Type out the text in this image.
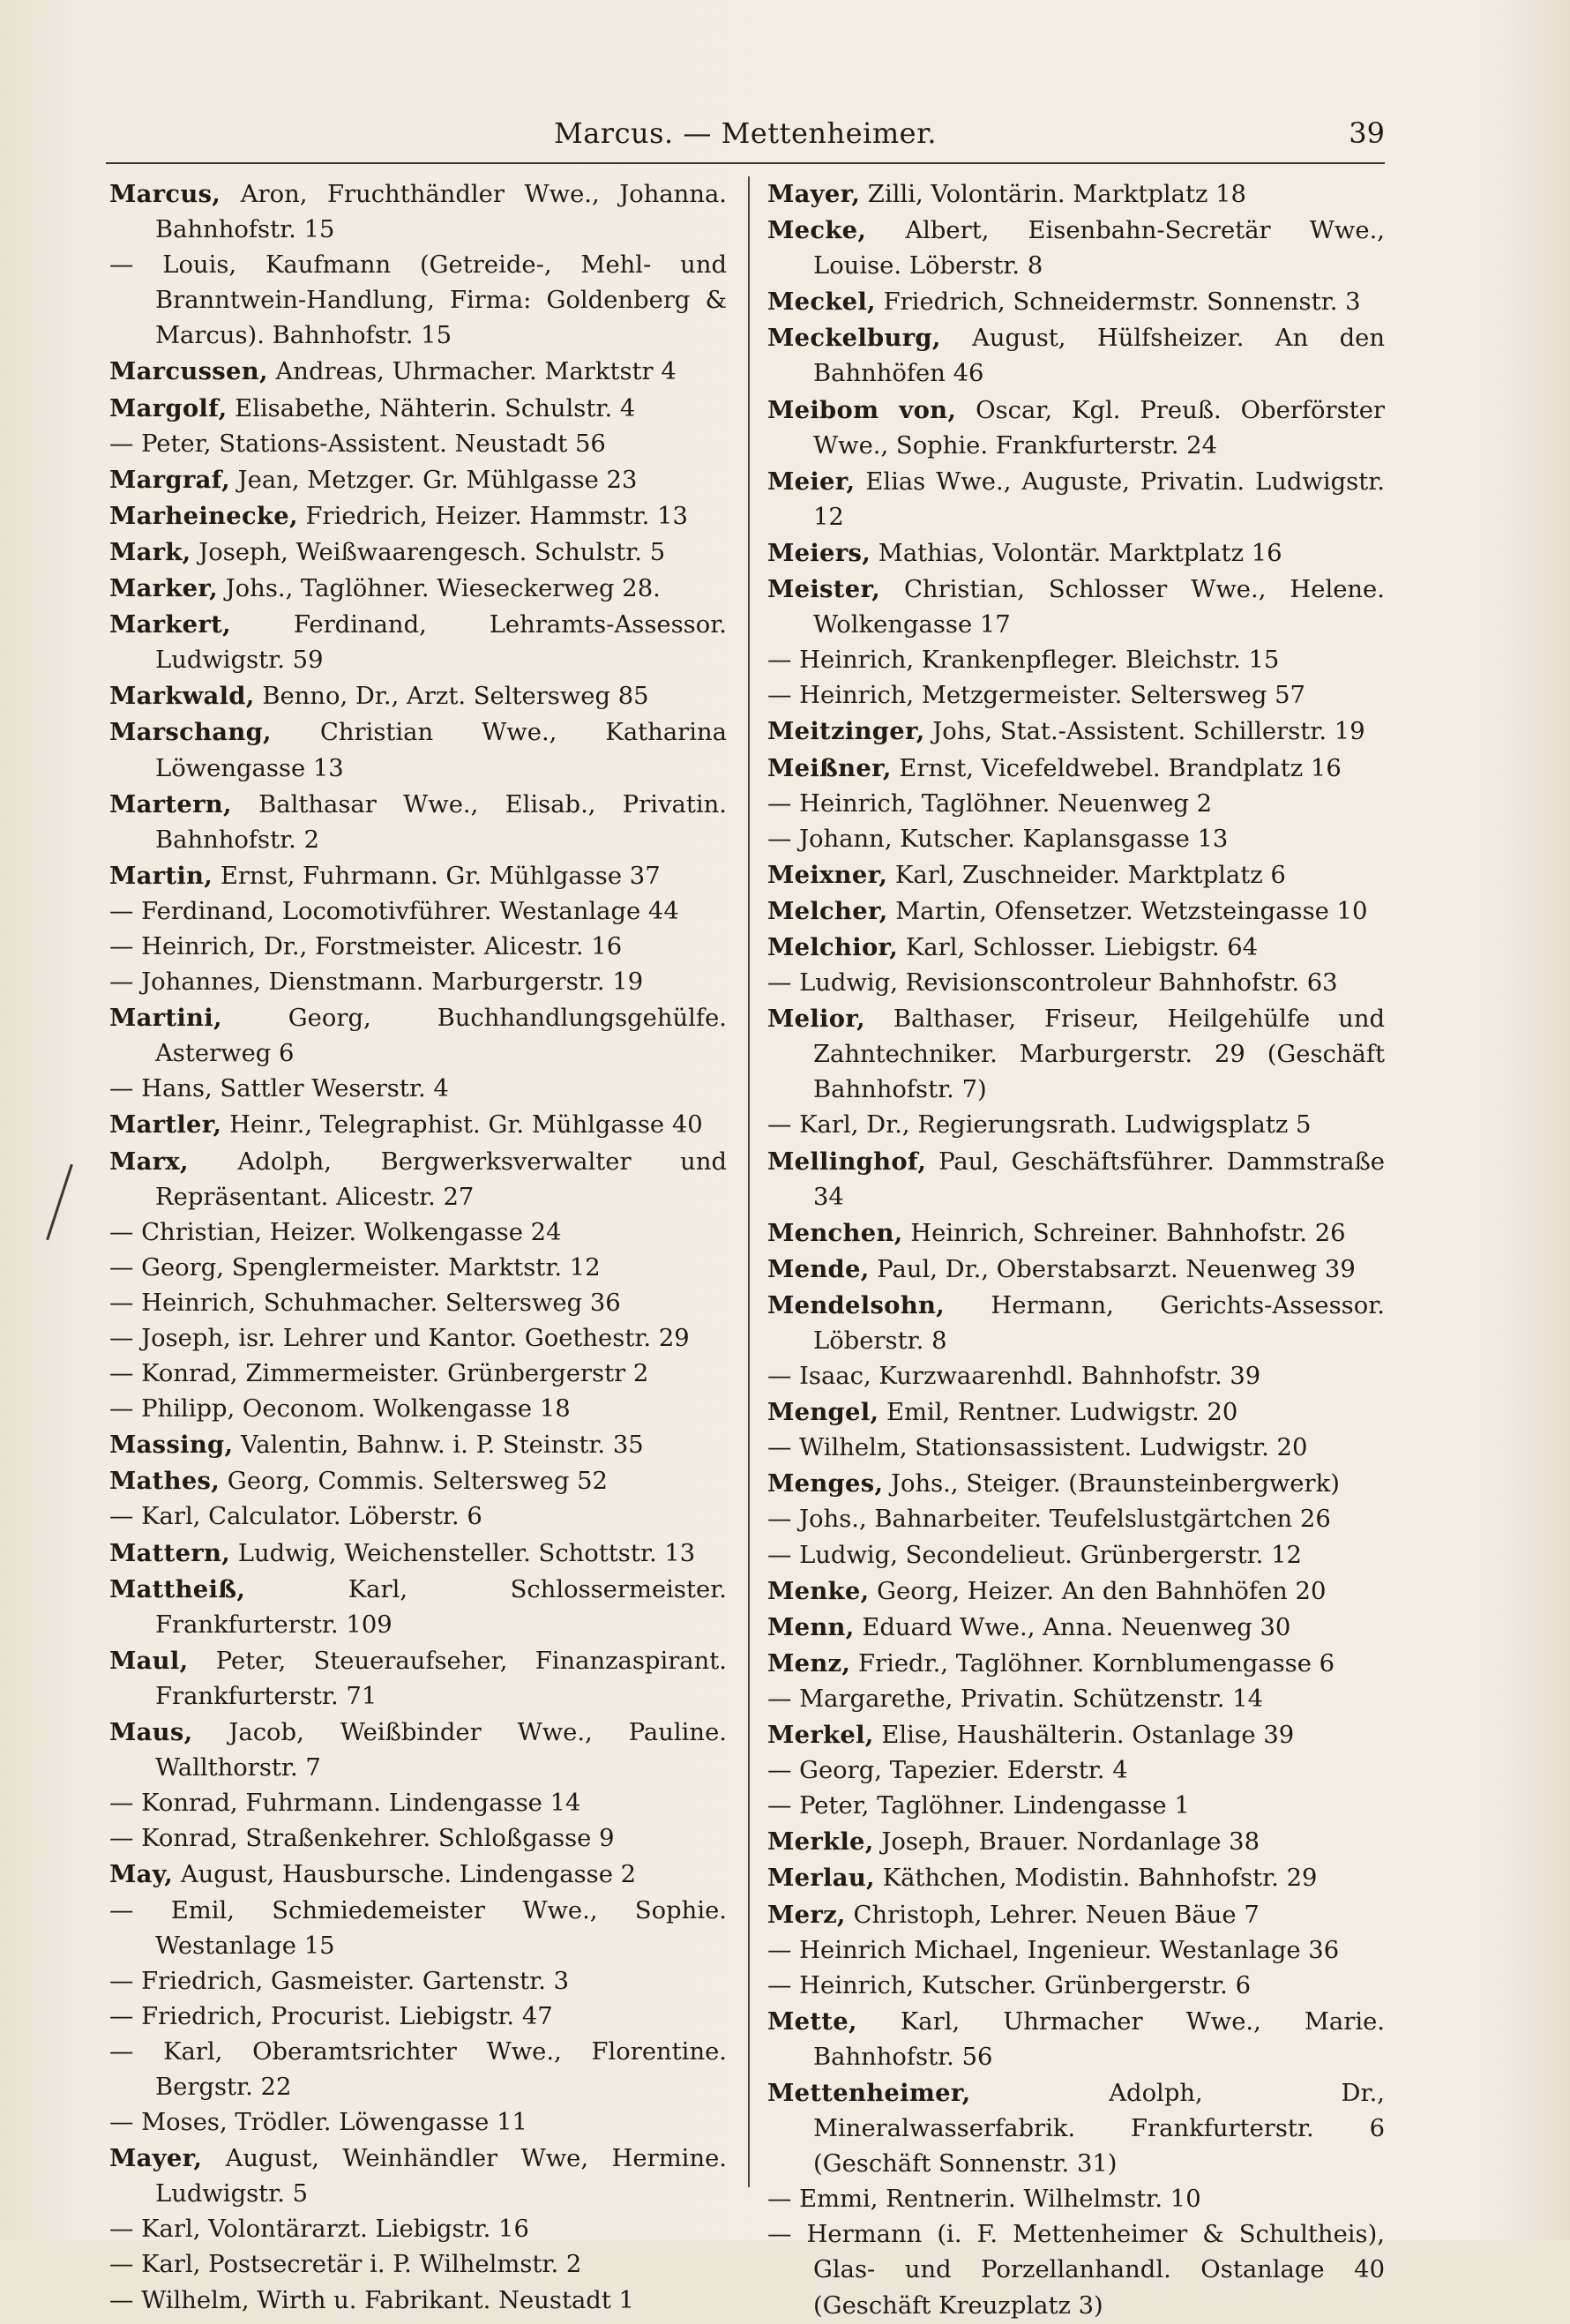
Marcus. — Mettenheimer.	39

Marcus, Aron, Fruchthändler Wwe., Johanna. Bahnhofstr. 15

— Louis, Kaufmann (Getreide-, Mehl- und Branntwein-Handlung, Firma: Goldenberg & Marcus). Bahnhofstr. 15

Marcussen, Andreas, Uhrmacher. Marktstr 4

Margolf, Elisabethe, Nähterin. Schulstr. 4

— Peter, Stations-Assistent. Neustadt 56

Margraf, Jean, Metzger. Gr. Mühlgasse 23

Marheinecke, Friedrich, Heizer. Hammstr. 13

Mark, Joseph, Weißwaarengesch. Schulstr. 5

Marker, Johs., Taglöhner. Wieseckerweg 28.

Markert,	Ferdinand, Lehramts-Assessor. Ludwigstr. 59

Markwald, Benno, Dr., Arzt. Seltersweg 85

Marschang, Christian Wwe., Katharina Löwengasse 13

Martern, Balthasar Wwe., Elisab., Privatin. Bahnhofstr. 2

Martin, Ernst, Fuhrmann. Gr. Mühlgasse 37

— Ferdinand, Locomotivführer. Westanlage 44

— Heinrich, Dr., Forstmeister. Alicestr. 16

— Johannes, Dienstmann. Marburgerstr. 19

Martini,	Georg, Buchhandlungsgehülfe. Asterweg 6

— Hans, Sattler Weserstr. 4

Martler, Heinr., Telegraphist. Gr. Mühlgasse 40

Marx, Adolph, Bergwerksverwalter und Repräsentant. Alicestr. 27

— Christian, Heizer. Wolkengasse 24

— Georg, Spenglermeister. Marktstr. 12

— Heinrich, Schuhmacher. Seltersweg 36

— Joseph, isr. Lehrer und Kantor. Goethestr. 29

— Konrad, Zimmermeister. Grünbergerstr 2

— Philipp, Oeconom. Wolkengasse 18

Massing, Valentin, Bahnw. i. P. Steinstr. 35

Mathes, Georg, Commis. Seltersweg 52

— Karl, Calculator. Löberstr. 6

Mattern, Ludwig, Weichensteller. Schottstr. 13

Mattheiß,	Karl, Schlossermeister. Frankfurterstr. 109

Maul, Peter, Steueraufseher, Finanzaspirant. Frankfurterstr. 71

Maus, Jacob, Weißbinder Wwe., Pauline. Wallthorstr. 7

— Konrad, Fuhrmann. Lindengasse 14

— Konrad, Straßenkehrer. Schloßgasse 9

May, August, Hausbursche. Lindengasse 2

— Emil, Schmiedemeister Wwe., Sophie. Westanlage 15

— Friedrich, Gasmeister. Gartenstr. 3

— Friedrich, Procurist. Liebigstr. 47

— Karl, Oberamtsrichter Wwe., Florentine. Bergstr. 22

— Moses, Trödler. Löwengasse 11

Mayer, August, Weinhändler Wwe, Hermine. Ludwigstr. 5

— Karl, Volontärarzt. Liebigstr. 16

— Karl, Postsecretär i. P. Wilhelmstr. 2

— Wilhelm, Wirth u. Fabrikant. Neustadt 1

Mayer, Zilli, Volontärin. Marktplatz 18

Mecke, Albert, Eisenbahn-Secretär Wwe., Louise. Löberstr. 8

Meckel, Friedrich, Schneidermstr. Sonnenstr. 3

Meckelburg, August, Hülfsheizer. An den Bahnhöfen 46

Meibom von, Oscar, Kgl. Preuß. Oberförster Wwe., Sophie. Frankfurterstr. 24

Meier, Elias Wwe., Auguste, Privatin. Ludwigstr. 12

Meiers, Mathias, Volontär. Marktplatz 16

Meister, Christian, Schlosser Wwe., Helene. Wolkengasse 17

— Heinrich, Krankenpfleger. Bleichstr. 15

— Heinrich, Metzgermeister. Seltersweg 57

Meitzinger, Johs, Stat.-Assistent. Schillerstr. 19

Meißner, Ernst, Vicefeldwebel. Brandplatz 16

— Heinrich, Taglöhner. Neuenweg 2

— Johann, Kutscher. Kaplansgasse 13

Meixner, Karl, Zuschneider. Marktplatz 6

Melcher, Martin, Ofensetzer. Wetzsteingasse 10

Melchior, Karl, Schlosser. Liebigstr. 64

— Ludwig, Revisionscontroleur Bahnhofstr. 63

Melior, Balthaser, Friseur, Heilgehülfe und Zahntechniker. Marburgerstr. 29 (Geschäft Bahnhofstr. 7)

— Karl, Dr., Regierungsrath. Ludwigsplatz 5

Mellinghof, Paul, Geschäftsführer. Dammstraße 34

Menchen, Heinrich, Schreiner. Bahnhofstr. 26

Mende, Paul, Dr., Oberstabsarzt. Neuenweg 39

Mendelsohn, Hermann, Gerichts-Assessor. Löberstr. 8

— Isaac, Kurzwaarenhdl. Bahnhofstr. 39

Mengel, Emil, Rentner. Ludwigstr. 20

— Wilhelm, Stationsassistent. Ludwigstr. 20

Menges, Johs., Steiger. (Braunsteinbergwerk)

— Johs., Bahnarbeiter. Teufelslustgärtchen 26

— Ludwig, Secondelieut. Grünbergerstr. 12

Menke, Georg, Heizer. An den Bahnhöfen 20

Menn, Eduard Wwe., Anna. Neuenweg 30

Menz, Friedr., Taglöhner. Kornblumengasse 6

— Margarethe, Privatin. Schützenstr. 14

Merkel, Elise, Haushälterin. Ostanlage 39

— Georg, Tapezier. Ederstr. 4

— Peter, Taglöhner. Lindengasse 1

Merkle, Joseph, Brauer. Nordanlage 38

Merlau, Käthchen, Modistin. Bahnhofstr. 29

Merz, Christoph, Lehrer. Neuen Bäue 7

— Heinrich Michael, Ingenieur. Westanlage 36

— Heinrich, Kutscher. Grünbergerstr. 6

Mette, Karl, Uhrmacher Wwe., Marie. Bahnhofstr. 56

Mettenheimer,	Adolph, Dr., Mineralwasserfabrik. Frankfurterstr. 6 (Geschäft Sonnenstr. 31)

— Emmi, Rentnerin. Wilhelmstr. 10

— Hermann (i. F. Mettenheimer & Schultheis), Glas- und Porzellanhandl. Ostanlage 40 (Geschäft Kreuzplatz 3)
